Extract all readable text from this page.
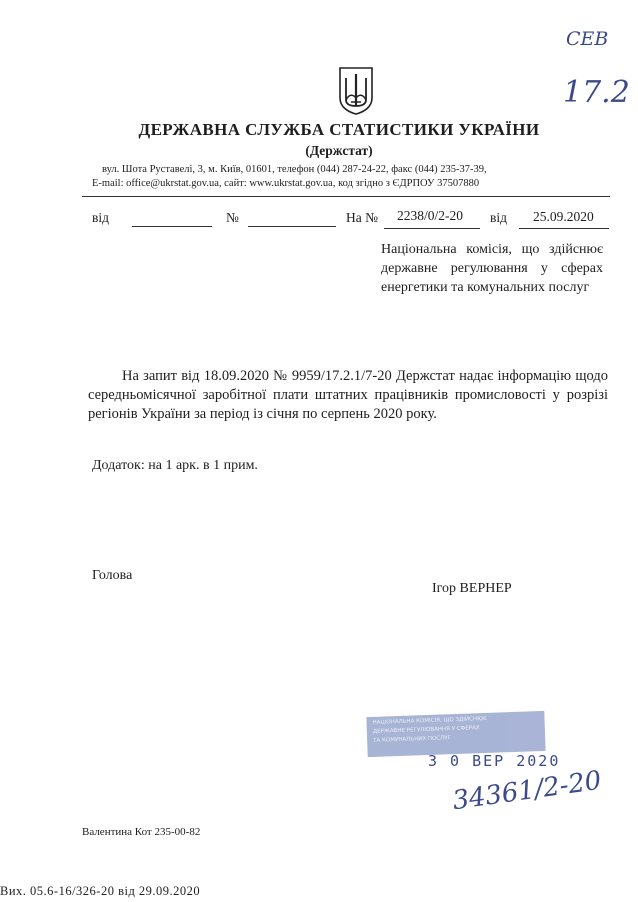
СЕВ
17.2
ДЕРЖАВНА СЛУЖБА СТАТИСТИКИ УКРАЇНИ
(Держстат)
вул. Шота Руставелі, 3, м. Київ, 01601, телефон (044) 287-24-22, факс (044) 235-37-39,
E-mail: office@ukrstat.gov.ua, сайт: www.ukrstat.gov.ua, код згідно з ЄДРПОУ 37507880
від	№	На № 2238/0/2-20 від 25.09.2020
Національна комісія, що здійснює державне регулювання у сферах енергетики та комунальних послуг
На запит від 18.09.2020 № 9959/17.2.1/7-20 Держстат надає інформацію щодо середньомісячної заробітної плати штатних працівників промисловості у розрізі регіонів України за період із січня по серпень 2020 року.
Додаток: на 1 арк. в 1 прим.
Голова
Ігор ВЕРНЕР
НАЦІОНАЛЬНА КОМІСІЯ, ЩО ЗДІЙСНЮЄ
ДЕРЖАВНЕ РЕГУЛЮВАННЯ У СФЕРАХ
ТА КОМУНАЛЬНИХ ПОСЛУГ
3 0 ВЕР 2020
34361/2-20
Валентина Кот 235-00-82
Вих. 05.6-16/326-20 від 29.09.2020
